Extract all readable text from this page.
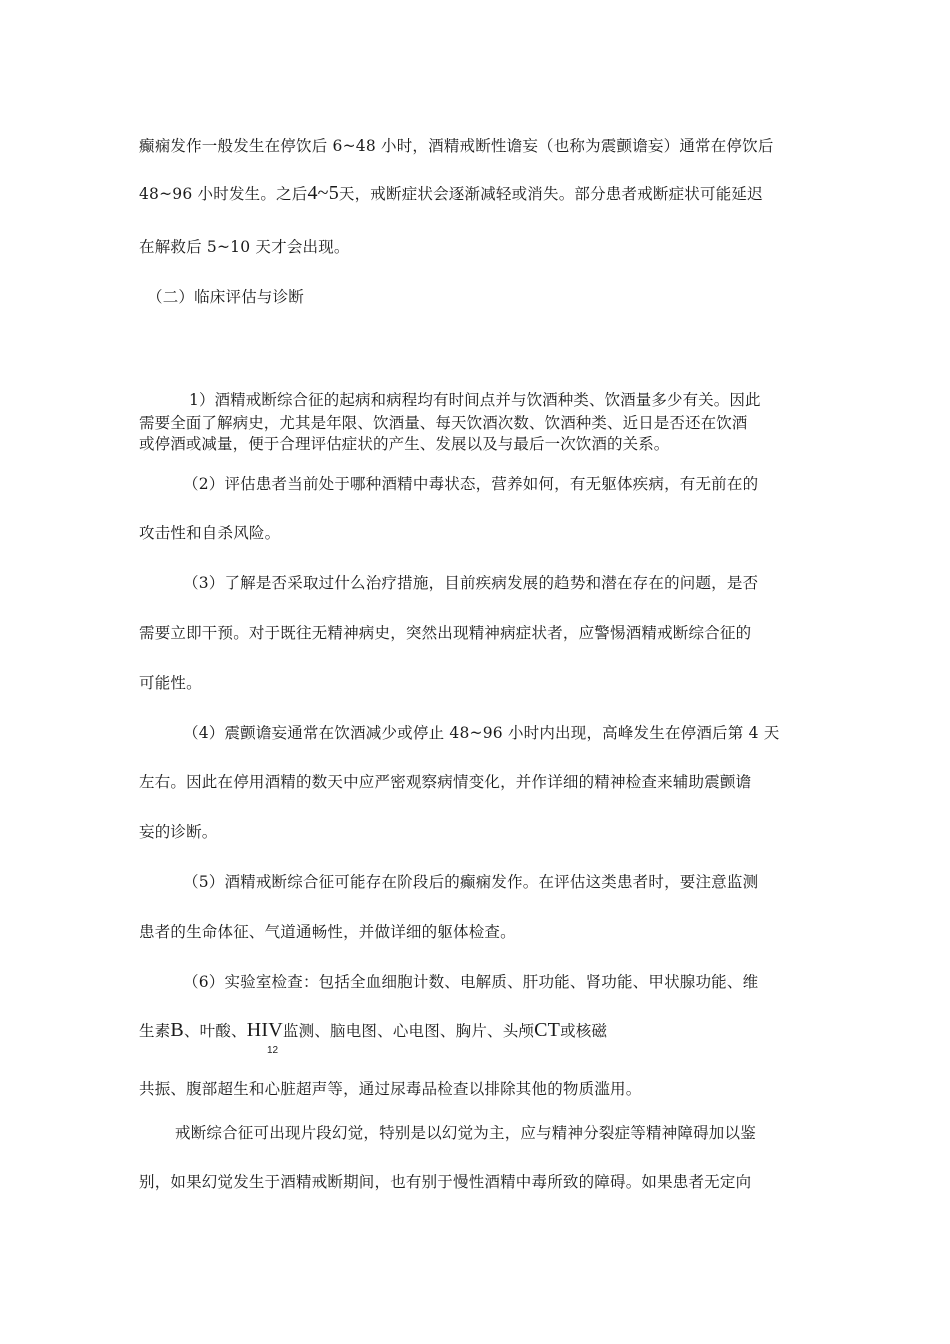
癫痫发作一般发生在停饮后 6~48 小时，酒精戒断性谵妄（也称为震颤谵妄）通常在停饮后
48~96 小时发生。之后4~5天，戒断症状会逐渐减轻或消失。部分患者戒断症状可能延迟
在解救后 5~10 天才会出现。
（二）临床评估与诊断
1）酒精戒断综合征的起病和病程均有时间点并与饮酒种类、饮酒量多少有关。因此
需要全面了解病史，尤其是年限、饮酒量、每天饮酒次数、饮酒种类、近日是否还在饮酒
或停酒或减量，便于合理评估症状的产生、发展以及与最后一次饮酒的关系。
（2）评估患者当前处于哪种酒精中毒状态，营养如何，有无躯体疾病，有无前在的
攻击性和自杀风险。
（3）了解是否采取过什么治疗措施，目前疾病发展的趋势和潜在存在的问题，是否
需要立即干预。对于既往无精神病史，突然出现精神病症状者，应警惕酒精戒断综合征的
可能性。
（4）震颤谵妄通常在饮酒减少或停止 48~96 小时内出现，高峰发生在停酒后第 4 天
左右。因此在停用酒精的数天中应严密观察病情变化，并作详细的精神检查来辅助震颤谵
妄的诊断。
（5）酒精戒断综合征可能存在阶段后的癫痫发作。在评估这类患者时，要注意监测
患者的生命体征、气道通畅性，并做详细的躯体检查。
（6）实验室检查：包括全血细胞计数、电解质、肝功能、肾功能、甲状腺功能、维
生素B、叶酸、HIV监测、脑电图、心电图、胸片、头颅CT或核磁
12
共振、腹部超生和心脏超声等，通过尿毒品检查以排除其他的物质滥用。
戒断综合征可出现片段幻觉，特别是以幻觉为主，应与精神分裂症等精神障碍加以鉴
别，如果幻觉发生于酒精戒断期间，也有别于慢性酒精中毒所致的障碍。如果患者无定向
